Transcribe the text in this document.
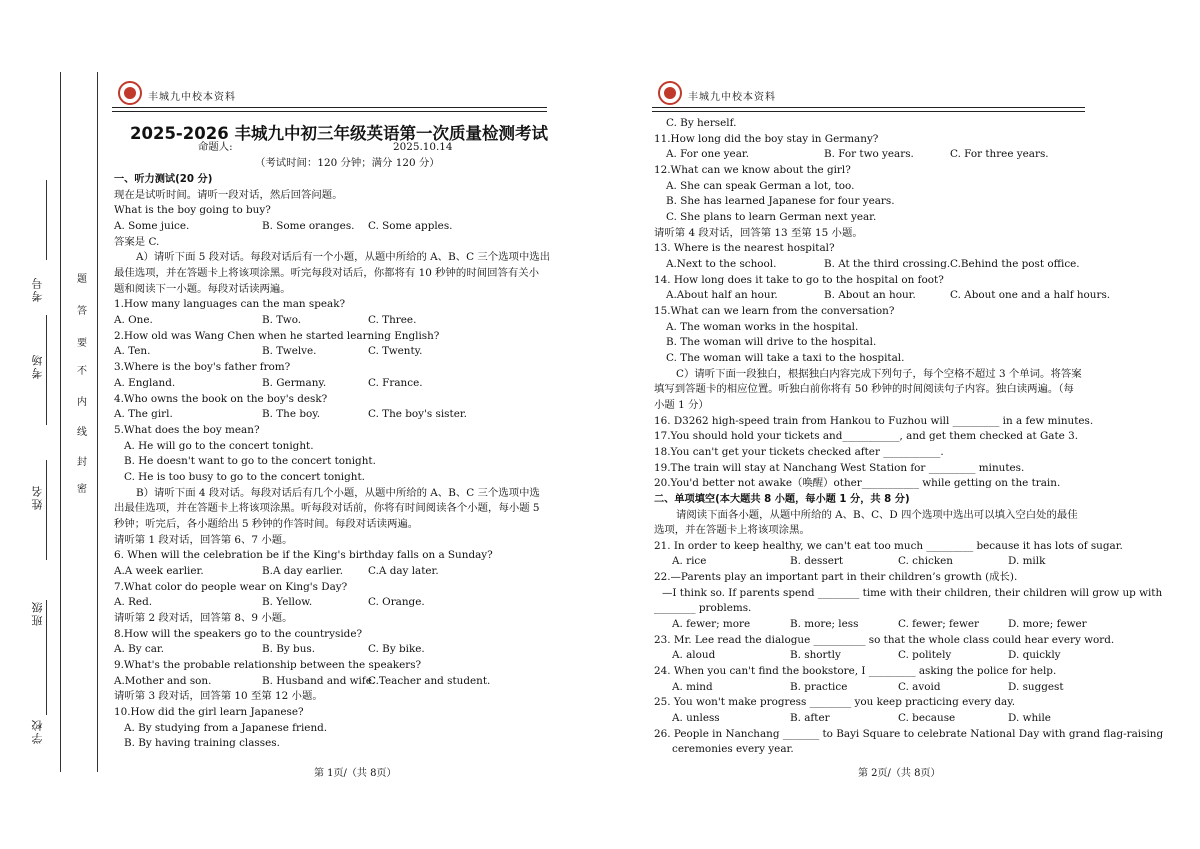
学校
班级
姓名
考场
考号
密
封
线
内
不
要
答
题
丰城九中校本资料
2025-2026 丰城九中初三年级英语第一次质量检测考试
命题人:	2025.10.14
（考试时间：120 分钟；满分 120 分）
一、听力测试(20 分)
现在是试听时间。请听一段对话，然后回答问题。
What is the boy going to buy?
A. Some juice.	B. Some oranges. C. Some apples.
答案是 C.
A）请听下面 5 段对话。每段对话后有一个小题，从题中所给的 A、B、C 三个选项中选出
最佳选项，并在答题卡上将该项涂黑。听完每段对话后，你都将有 10 秒钟的时间回答有关小
题和阅读下一小题。每段对话读两遍。
1.How many languages can the man speak?
A. One.	B. Two.	C. Three.
2.How old was Wang Chen when he started learning English?
A. Ten.	B. Twelve.	C. Twenty.
3.Where is the boy's father from?
A. England.	B. Germany.	C. France.
4.Who owns the book on the boy's desk?
A. The girl.	B. The boy.	C. The boy's sister.
5.What does the boy mean?
A. He will go to the concert tonight.
B. He doesn't want to go to the concert tonight.
C. He is too busy to go to the concert tonight.
B）请听下面 4 段对话。每段对话后有几个小题，从题中所给的 A、B、C 三个选项中选
出最佳选项，并在答题卡上将该项涂黑。听每段对话前，你将有时间阅读各个小题，每小题 5
秒钟；听完后，各小题给出 5 秒钟的作答时间。每段对话读两遍。
请听第 1 段对话，回答第 6、7 小题。
6. When will the celebration be if the King's birthday falls on a Sunday?
A.A week earlier.	B.A day earlier. C.A day later.
7.What color do people wear on King's Day?
A. Red.	B. Yellow.	C. Orange.
请听第 2 段对话，回答第 8、9 小题。
8.How will the speakers go to the countryside?
A. By car.	B. By bus.	C. By bike.
9.What's the probable relationship between the speakers?
A.Mother and son.	B. Husband and wife.
C.Teacher and student.
请听第 3 段对话，回答第 10 至第 12 小题。
10.How did the girl learn Japanese?
A. By studying from a Japanese friend.
B. By having training classes.
第 1页/（共 8页）
丰城九中校本资料
C. By herself.
11.How long did the boy stay in Germany?
A. For one year.	B. For two years.	C. For three years.
12.What can we know about the girl?
A. She can speak German a lot, too.
B. She has learned Japanese for four years.
C. She plans to learn German next year.
请听第 4 段对话，回答第 13 至第 15 小题。
13. Where is the nearest hospital?
A.Next to the school.	B. At the third crossing. C.Behind the post office.
14. How long does it take to go to the hospital on foot?
A.About half an hour.	B. About an hour.	C. About one and a half hours.
15.What can we learn from the conversation?
A. The woman works in the hospital.
B. The woman will drive to the hospital.
C. The woman will take a taxi to the hospital.
C）请听下面一段独白，根据独白内容完成下列句子，每个空格不超过 3 个单词。将答案
填写到答题卡的相应位置。听独白前你将有 50 秒钟的时间阅读句子内容。独白读两遍。（每
小题 1 分）
16. D3262 high-speed train from Hankou to Fuzhou will _________ in a few minutes.
17.You should hold your tickets and___________, and get them checked at Gate 3.
18.You can't get your tickets checked after ___________.
19.The train will stay at Nanchang West Station for _________ minutes.
20.You'd better not awake（唤醒）other___________ while getting on the train.
二、单项填空(本大题共 8 小题，每小题 1 分，共 8 分)
请阅读下面各小题，从题中所给的 A、B、C、D 四个选项中选出可以填入空白处的最佳
选项，并在答题卡上将该项涂黑。
21. In order to keep healthy, we can't eat too much _________ because it has lots of sugar.
A. rice	B. dessert	C. chicken	D. milk
22.—Parents play an important part in their children’s growth (成长).
—I think so. If parents spend ________ time with their children, their children will grow up with
________ problems.
A. fewer; more	B. more; less	C. fewer; fewer	D. more; fewer
23. Mr. Lee read the dialogue __________ so that the whole class could hear every word.
A. aloud	B. shortly	C. politely	D. quickly
24. When you can't find the bookstore, I _________ asking the police for help.
A. mind	B. practice	C. avoid	D. suggest
25. You won't make progress ________ you keep practicing every day.
A. unless	B. after	C. because	D. while
26. People in Nanchang _______ to Bayi Square to celebrate National Day with grand flag-raising
ceremonies every year.
第 2页/（共 8页）
